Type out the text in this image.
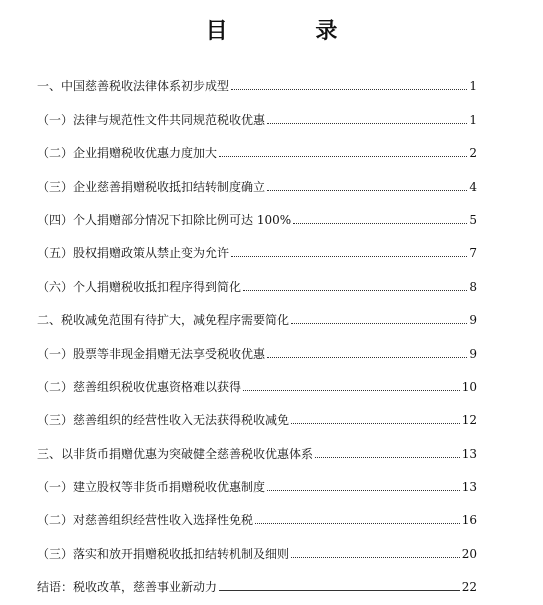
目 录
一、中国慈善税收法律体系初步成型	1
（一）法律与规范性文件共同规范税收优惠	1
（二）企业捐赠税收优惠力度加大	2
（三）企业慈善捐赠税收抵扣结转制度确立	4
（四）个人捐赠部分情况下扣除比例可达 100%	5
（五）股权捐赠政策从禁止变为允许	7
（六）个人捐赠税收抵扣程序得到简化	8
二、税收减免范围有待扩大，减免程序需要简化	9
（一）股票等非现金捐赠无法享受税收优惠	9
（二）慈善组织税收优惠资格难以获得	10
（三）慈善组织的经营性收入无法获得税收减免	12
三、以非货币捐赠优惠为突破健全慈善税收优惠体系	13
（一）建立股权等非货币捐赠税收优惠制度	13
（二）对慈善组织经营性收入选择性免税	16
（三）落实和放开捐赠税收抵扣结转机制及细则	20
结语：税收改革，慈善事业新动力	22
